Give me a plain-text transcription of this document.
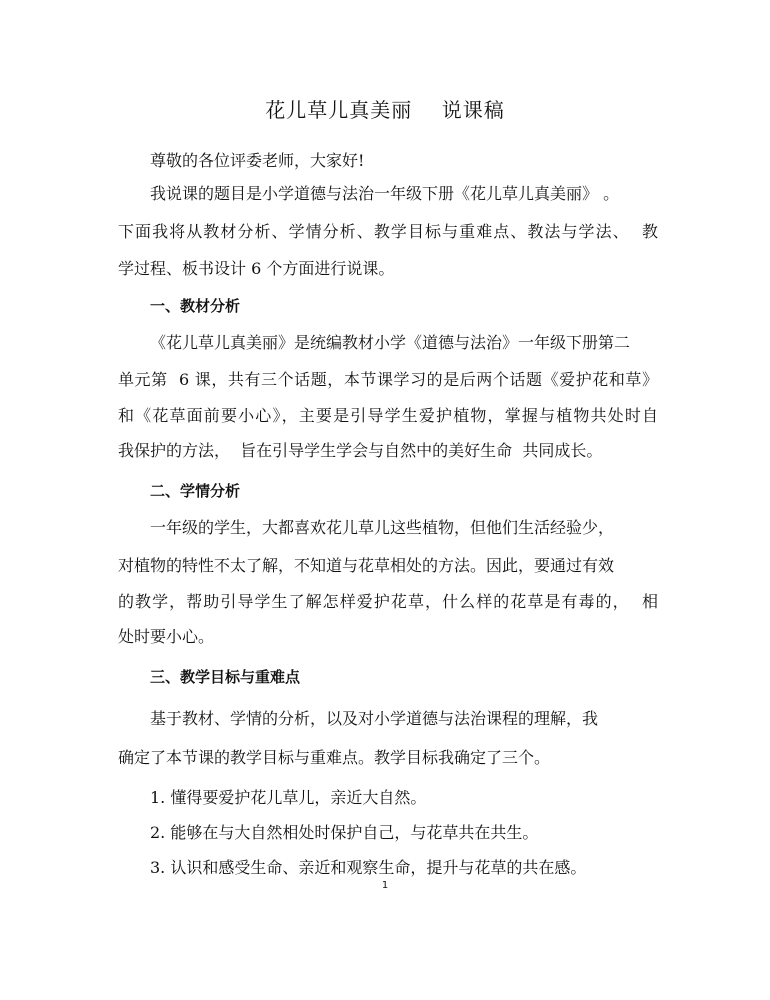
花儿草儿真美丽    说课稿
尊敬的各位评委老师，大家好!
我说课的题目是小学道德与法治一年级下册《花儿草儿真美丽》 。
下面我将从教材分析、学情分析、教学目标与重难点、教法与学法、  教
学过程、板书设计 6 个方面进行说课。
一、教材分析
《花儿草儿真美丽》是统编教材小学《道德与法治》一年级下册第二
单元第  6 课，共有三个话题，本节课学习的是后两个话题《爱护花和草》
和《花草面前要小心》，主要是引导学生爱护植物，掌握与植物共处时自
我保护的方法，  旨在引导学生学会与自然中的美好生命  共同成长。
二、学情分析
一年级的学生，大都喜欢花儿草儿这些植物，但他们生活经验少，
对植物的特性不太了解，不知道与花草相处的方法。因此，要通过有效
的教学，帮助引导学生了解怎样爱护花草，什么样的花草是有毒的，  相
处时要小心。
三、教学目标与重难点
基于教材、学情的分析，以及对小学道德与法治课程的理解，我
确定了本节课的教学目标与重难点。教学目标我确定了三个。
1. 懂得要爱护花儿草儿，亲近大自然。
2. 能够在与大自然相处时保护自己，与花草共在共生。
3. 认识和感受生命、亲近和观察生命，提升与花草的共在感。
1
